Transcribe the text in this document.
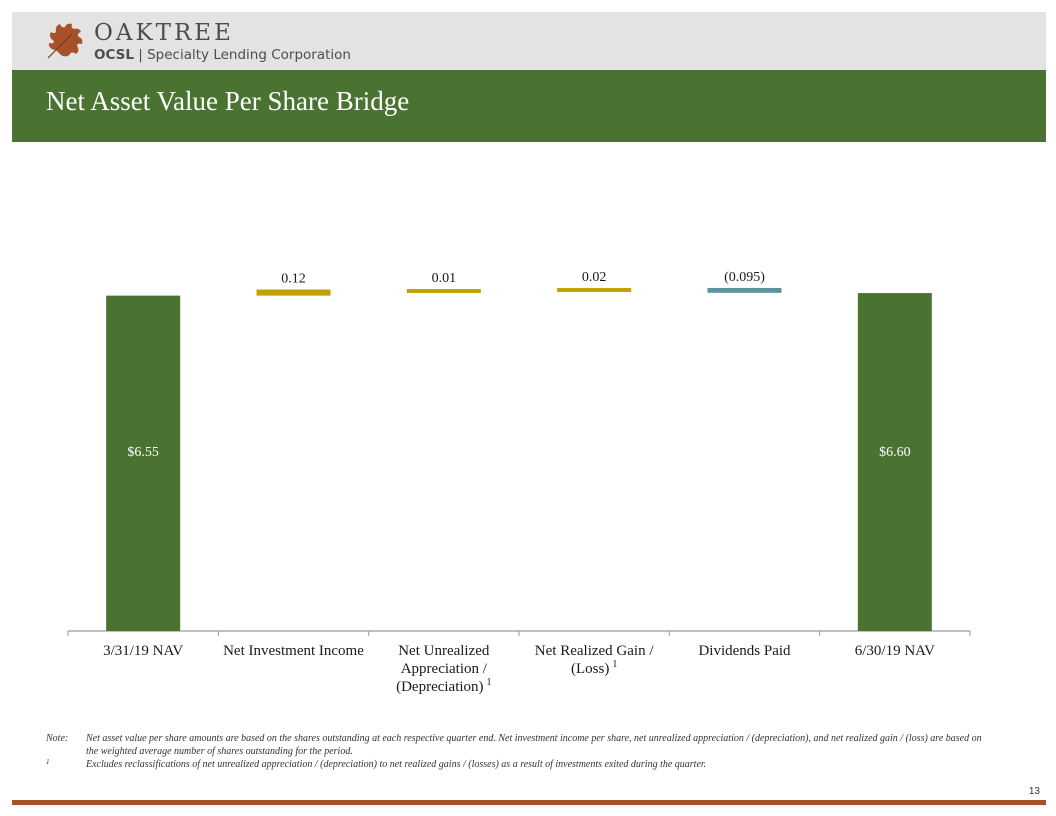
OAKTREE
OCSL | Specialty Lending Corporation
Net Asset Value Per Share Bridge
$6.55
0.12	0.01	0.02	(0.095)
$6.60
3/31/19 NAV	Net Investment Income Net Unrealized
Appreciation /
(Depreciation) $^1$
Net Realized Gain /
(Loss) $^1$
Dividends Paid	6/30/19 NAV
Note: Net asset value per share amounts are based on the shares outstanding at each respective quarter end. Net investment income per share, net unrealized appreciation / (depreciation), and net realized gain / (loss) are based on the weighted average number of shares outstanding for the period.
1	Excludes reclassifications of net unrealized appreciation / (depreciation) to net realized gains / (losses) as a result of investments exited during the quarter.
13
